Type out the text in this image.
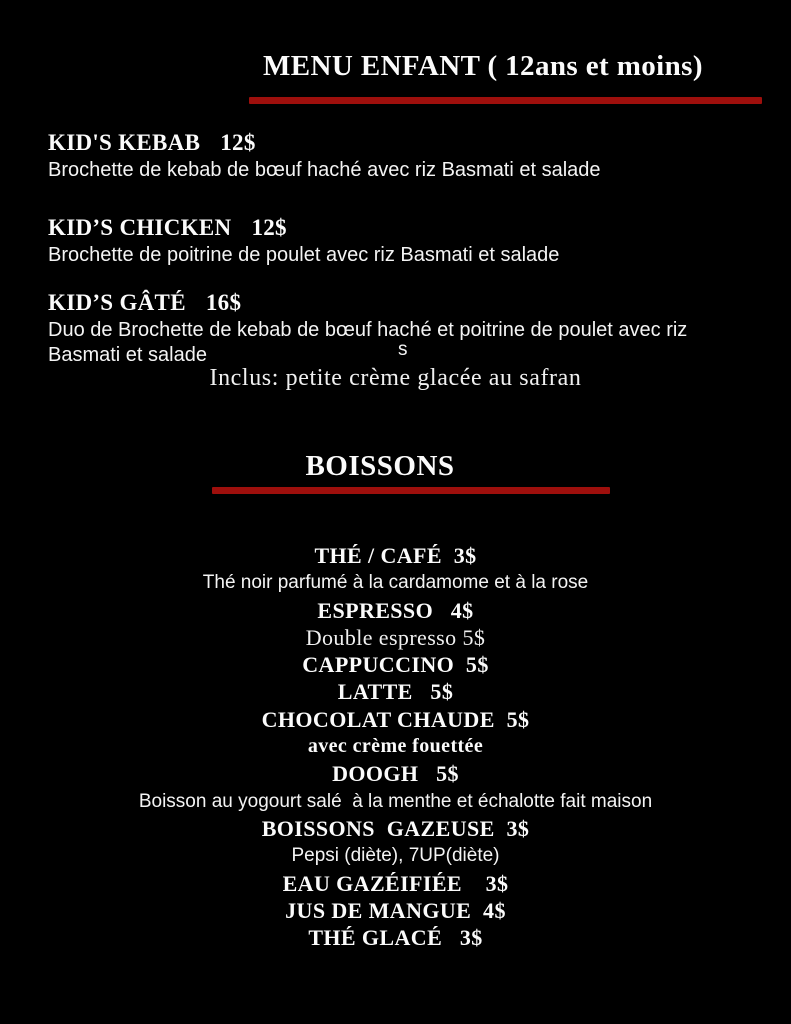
MENU ENFANT ( 12ans et moins)
KID'S KEBAB 12$
Brochette de kebab de bœuf haché avec riz Basmati et salade
KID’S CHICKEN 12$
Brochette de poitrine de poulet avec riz Basmati et salade
KID’S GÂTÉ 16$
Duo de Brochette de kebab de bœuf haché et poitrine de poulet avec riz Basmati et salade	s
Inclus: petite crème glacée au safran
BOISSONS
THÉ / CAFÉ  3$
Thé noir parfumé à la cardamome et à la rose
ESPRESSO   4$
Double espresso 5$
CAPPUCCINO  5$
LATTE   5$
CHOCOLAT CHAUDE  5$
avec crème fouettée
DOOGH   5$
Boisson au yogourt salé  à la menthe et échalotte fait maison
BOISSONS  GAZEUSE  3$
Pepsi (diète), 7UP(diète)
EAU GAZÉIFIÉE    3$
JUS DE MANGUE  4$
THÉ GLACÉ   3$
